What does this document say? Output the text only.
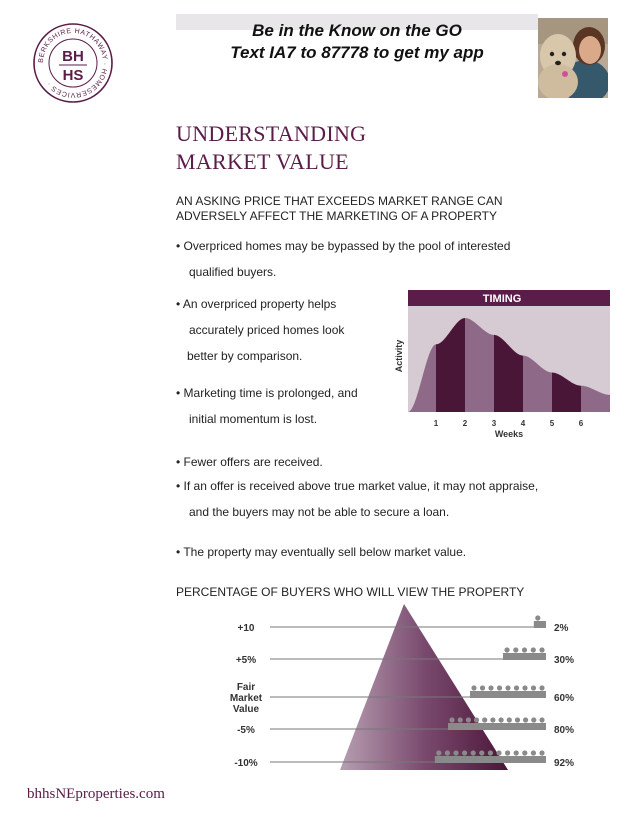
Be in the Know on the GO
Text IA7 to 87778 to get my app
BERKSHIRE HATHAWAY · HOMESERVICES ·
BH
HS
UNDERSTANDING
MARKET VALUE
AN ASKING PRICE THAT EXCEEDS MARKET RANGE CAN
ADVERSELY AFFECT THE MARKETING OF A PROPERTY
• Overpriced homes may be bypassed by the pool of interested
qualified buyers.
• An overpriced property helps
accurately priced homes look
better by comparison.
• Marketing time is prolonged, and
initial momentum is lost.
• Fewer offers are received.
• If an offer is received above true market value, it may not appraise,
and the buyers may not be able to secure a loan.
• The property may eventually sell below market value.
TIMING
Activity
1	2	3	4	5	6
Weeks
PERCENTAGE OF BUYERS WHO WILL VIEW THE PROPERTY
+10
+5%
Fair
Market
Value
-5%
-10%
2%
30%
60%
80%
92%
bhhsNEproperties.com
